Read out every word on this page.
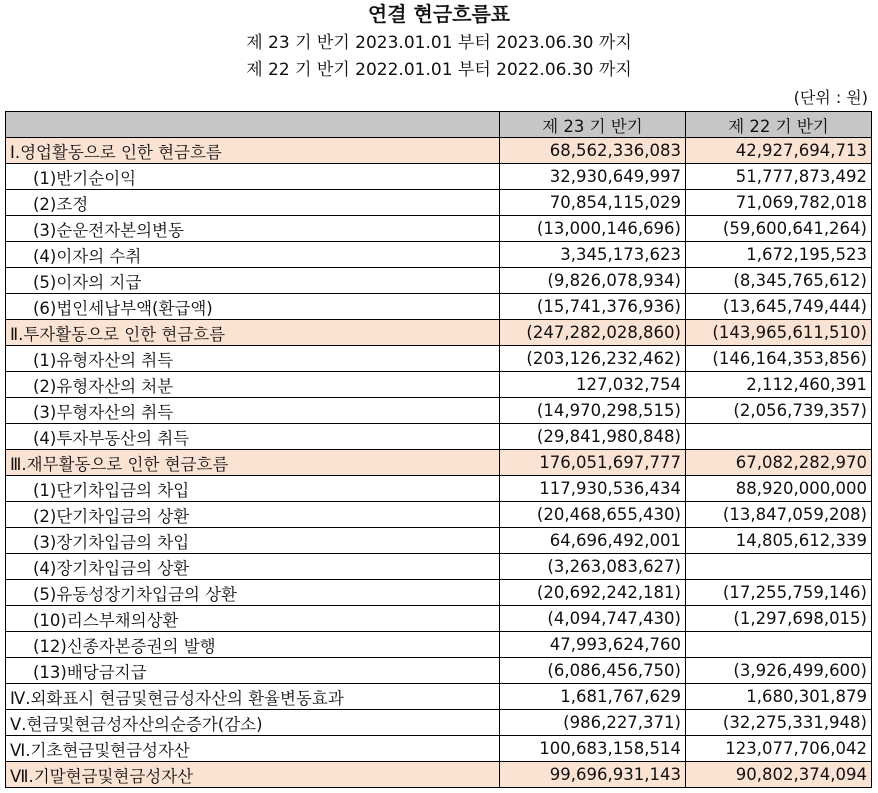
연결 현금흐름표
제 23 기 반기 2023.01.01 부터 2023.06.30 까지
제 22 기 반기 2022.01.01 부터 2022.06.30 까지
(단위 : 원)
	제 23 기 반기	제 22 기 반기
Ⅰ.영업활동으로 인한 현금흐름	68,562,336,083	42,927,694,713
(1)반기순이익	32,930,649,997	51,777,873,492
(2)조정	70,854,115,029	71,069,782,018
(3)순운전자본의변동	(13,000,146,696)	(59,600,641,264)
(4)이자의 수취	3,345,173,623	1,672,195,523
(5)이자의 지급	(9,826,078,934)	(8,345,765,612)
(6)법인세납부액(환급액)	(15,741,376,936)	(13,645,749,444)
Ⅱ.투자활동으로 인한 현금흐름	(247,282,028,860)	(143,965,611,510)
(1)유형자산의 취득	(203,126,232,462)	(146,164,353,856)
(2)유형자산의 처분	127,032,754	2,112,460,391
(3)무형자산의 취득	(14,970,298,515)	(2,056,739,357)
(4)투자부동산의 취득	(29,841,980,848)	
Ⅲ.재무활동으로 인한 현금흐름	176,051,697,777	67,082,282,970
(1)단기차입금의 차입	117,930,536,434	88,920,000,000
(2)단기차입금의 상환	(20,468,655,430)	(13,847,059,208)
(3)장기차입금의 차입	64,696,492,001	14,805,612,339
(4)장기차입금의 상환	(3,263,083,627)	
(5)유동성장기차입금의 상환	(20,692,242,181)	(17,255,759,146)
(10)리스부채의상환	(4,094,747,430)	(1,297,698,015)
(12)신종자본증권의 발행	47,993,624,760	
(13)배당금지급	(6,086,456,750)	(3,926,499,600)
Ⅳ.외화표시 현금및현금성자산의 환율변동효과	1,681,767,629	1,680,301,879
Ⅴ.현금및현금성자산의순증가(감소)	(986,227,371)	(32,275,331,948)
Ⅵ.기초현금및현금성자산	100,683,158,514	123,077,706,042
Ⅶ.기말현금및현금성자산	99,696,931,143	90,802,374,094
